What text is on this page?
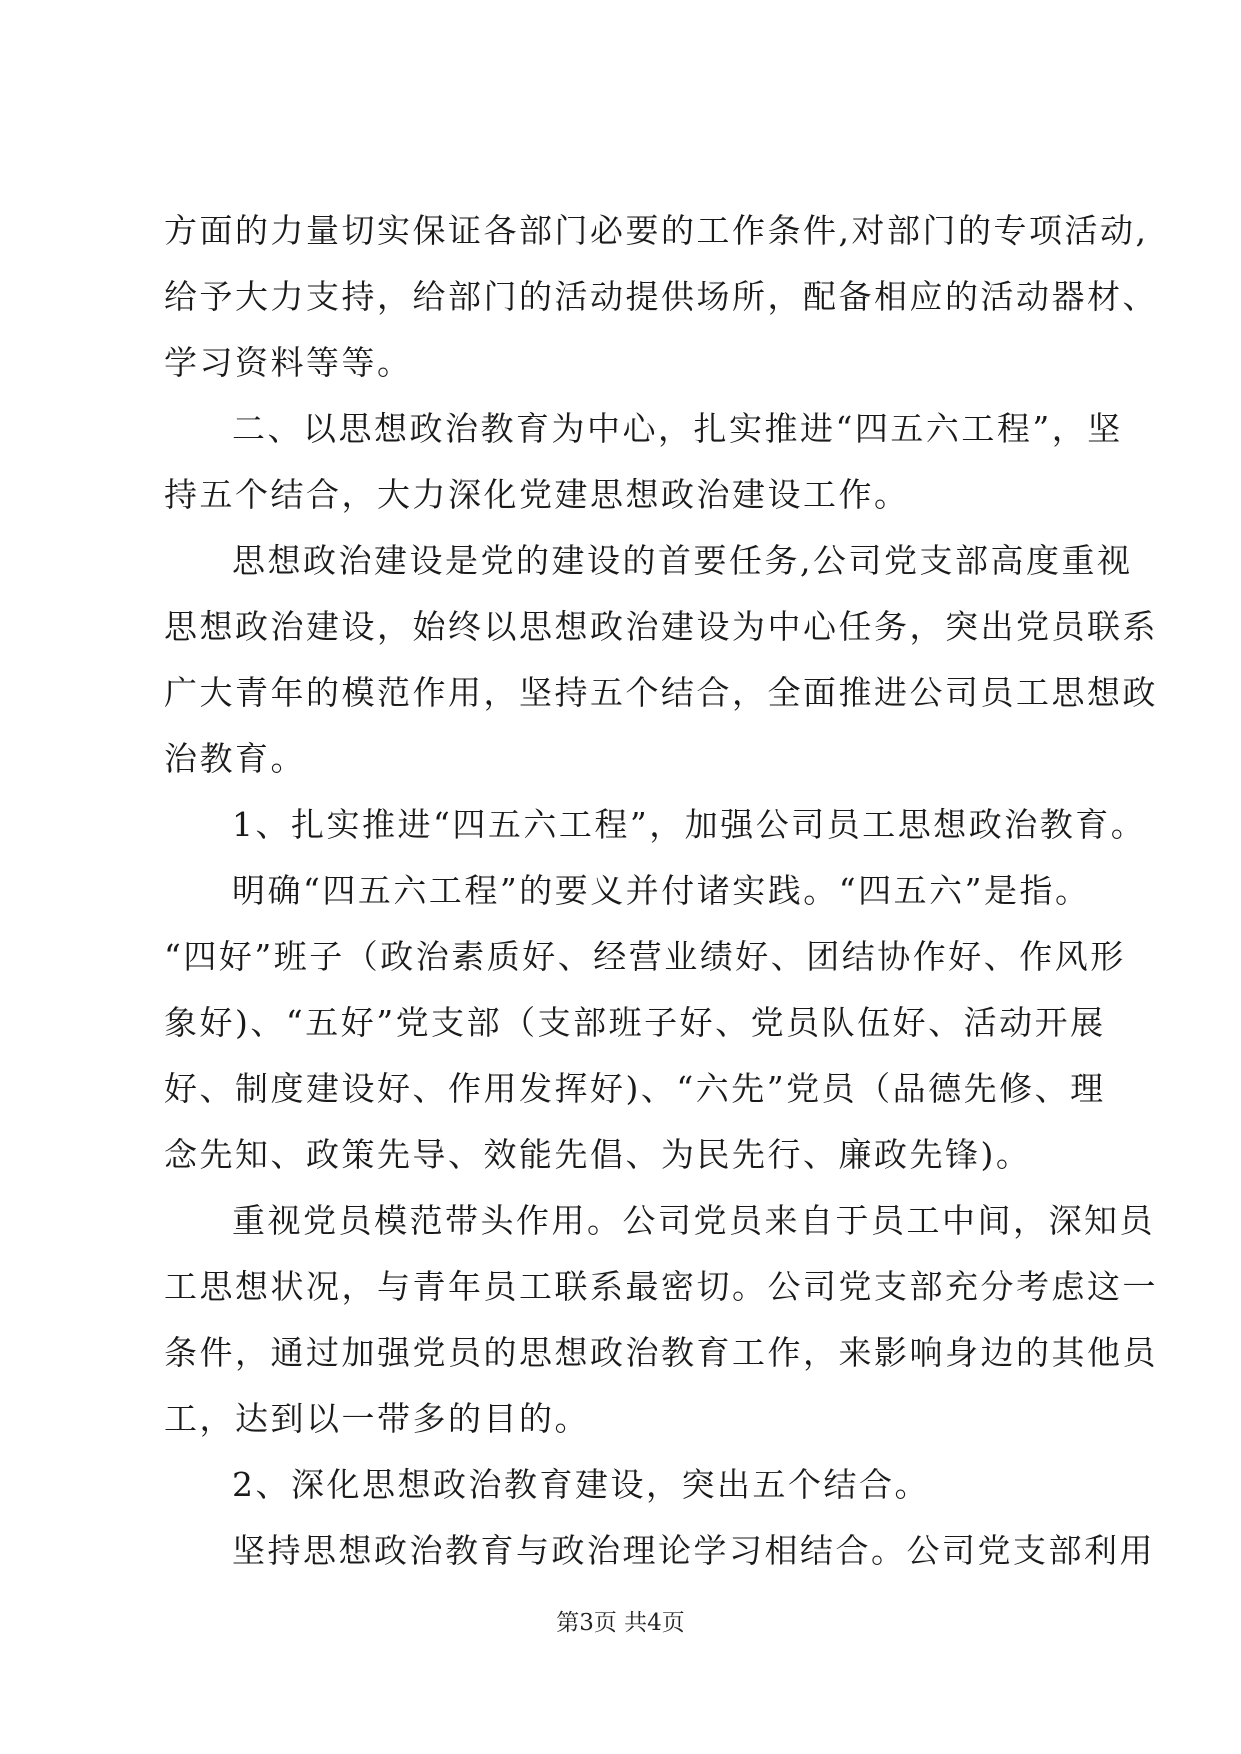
方面的力量切实保证各部门必要的工作条件,对部门的专项活动,
给予大力支持，给部门的活动提供场所，配备相应的活动器材、
学习资料等等。
二、以思想政治教育为中心，扎实推进“四五六工程”，坚
持五个结合，大力深化党建思想政治建设工作。
思想政治建设是党的建设的首要任务,公司党支部高度重视
思想政治建设，始终以思想政治建设为中心任务，突出党员联系
广大青年的模范作用，坚持五个结合，全面推进公司员工思想政
治教育。
1、扎实推进“四五六工程”，加强公司员工思想政治教育。
明确“四五六工程”的要义并付诸实践。“四五六”是指。
“四好”班子（政治素质好、经营业绩好、团结协作好、作风形
象好)、“五好”党支部（支部班子好、党员队伍好、活动开展
好、制度建设好、作用发挥好)、“六先”党员（品德先修、理
念先知、政策先导、效能先倡、为民先行、廉政先锋)。
重视党员模范带头作用。公司党员来自于员工中间，深知员
工思想状况，与青年员工联系最密切。公司党支部充分考虑这一
条件，通过加强党员的思想政治教育工作，来影响身边的其他员
工，达到以一带多的目的。
2、深化思想政治教育建设，突出五个结合。
坚持思想政治教育与政治理论学习相结合。公司党支部利用
第3页 共4页
